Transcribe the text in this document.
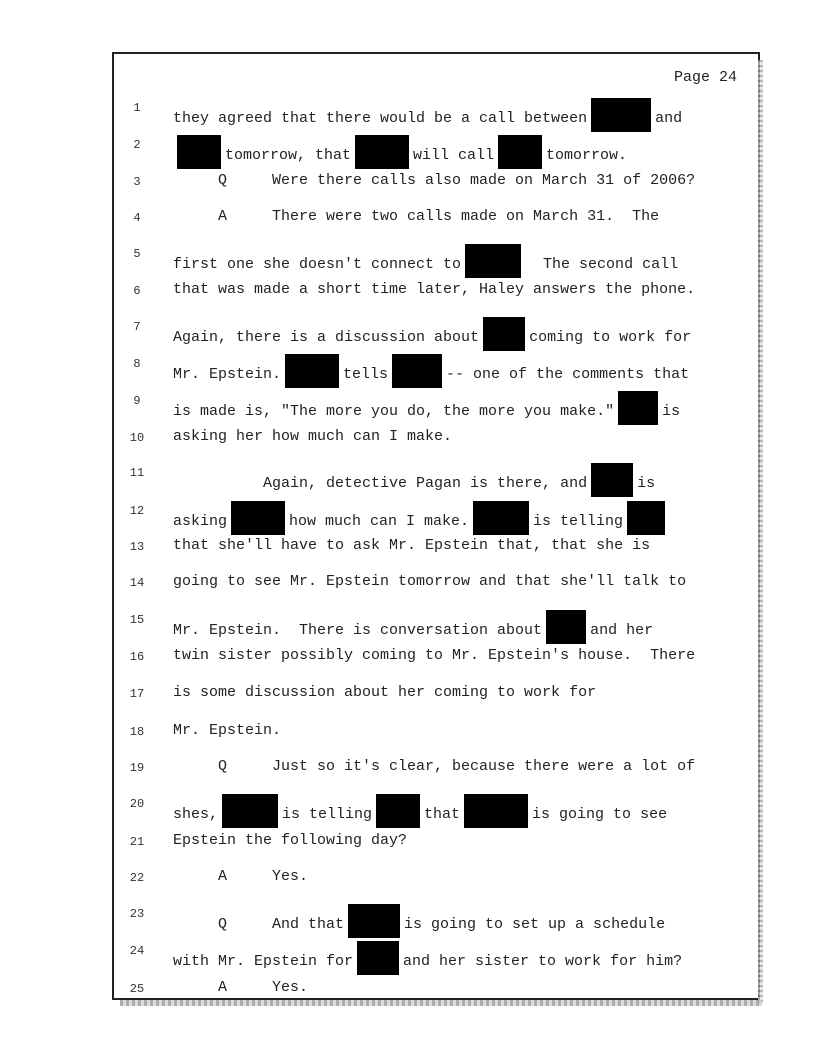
Page 24
1
they agreed that there would be a call between	and
2
tomorrow, that	will call	tomorrow.
3	Q     Were there calls also made on March 31 of 2006?
4	A     There were two calls made on March 31.  The
5
first one she doesn't connect to	The second call
6	that was made a short time later, Haley answers the phone.
7
Again, there is a discussion about	coming to work for
8
Mr. Epstein.	tells	-- one of the comments that
9
is made is, "The more you do, the more you make."	is
10 asking her how much can I make.
11
Again, detective Pagan is there, and	is
12
asking	how much can I make.	is telling
13 that she'll have to ask Mr. Epstein that, that she is
14 going to see Mr. Epstein tomorrow and that she'll talk to
15
Mr. Epstein.  There is conversation about	and her
16 twin sister possibly coming to Mr. Epstein's house.  There
17 is some discussion about her coming to work for
18 Mr. Epstein.
19 Q     Just so it's clear, because there were a lot of
20
shes,	is telling	that	is going to see
21 Epstein the following day?
22 A     Yes.
23
Q     And that	is going to set up a schedule
24
with Mr. Epstein for	and her sister to work for him?
25 A     Yes.
